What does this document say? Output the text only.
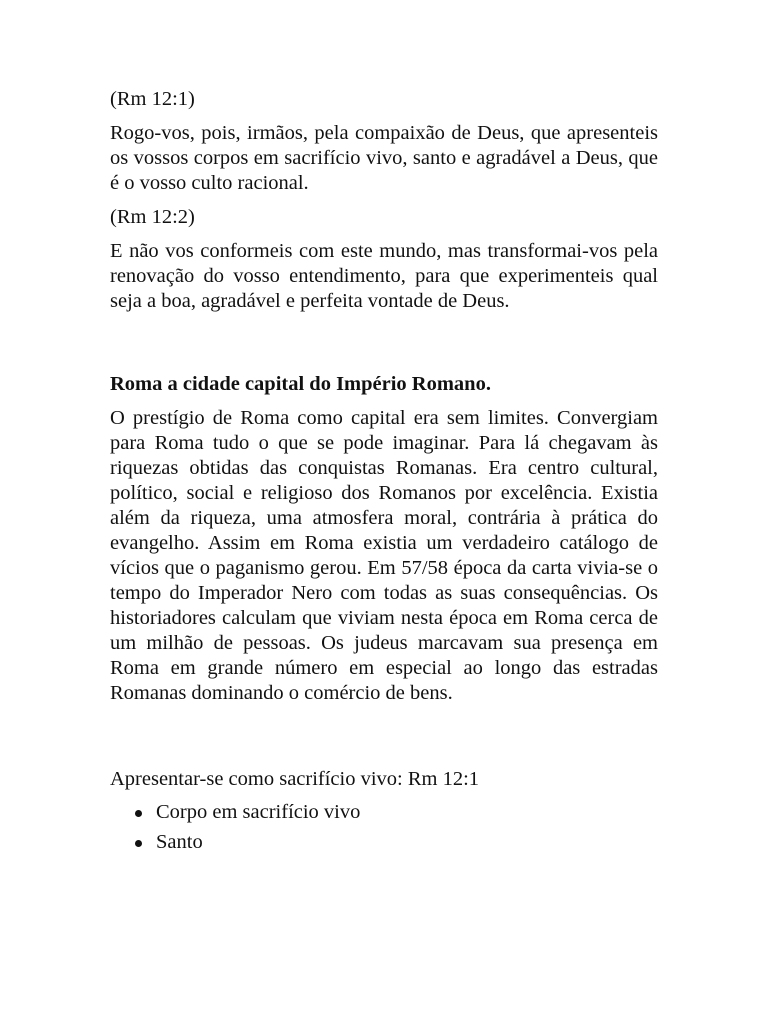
(Rm 12:1)

Rogo-vos, pois, irmãos, pela compaixão de Deus, que apresenteis os vossos corpos em sacrifício vivo, santo e agradável a Deus, que é o vosso culto racional.

(Rm 12:2)

E não vos conformeis com este mundo, mas transformai-vos pela renovação do vosso entendimento, para que experimenteis qual seja a boa, agradável e perfeita vontade de Deus.

Roma a cidade capital do Império Romano.

O prestígio de Roma como capital era sem limites. Convergiam para Roma tudo o que se pode imaginar. Para lá chegavam às riquezas obtidas das conquistas Romanas. Era centro cultural, político, social e religioso dos Romanos por excelência. Existia além da riqueza, uma atmosfera moral, contrária à prática do evangelho. Assim em Roma existia um verdadeiro catálogo de vícios que o paganismo gerou. Em 57/58 época da carta vivia-se o tempo do Imperador Nero com todas as suas consequências. Os historiadores calculam que viviam nesta época em Roma cerca de um milhão de pessoas. Os judeus marcavam sua presença em Roma em grande número em especial ao longo das estradas Romanas dominando o comércio de bens.

Apresentar-se como sacrifício vivo: Rm 12:1

Corpo em sacrifício vivo
Santo
